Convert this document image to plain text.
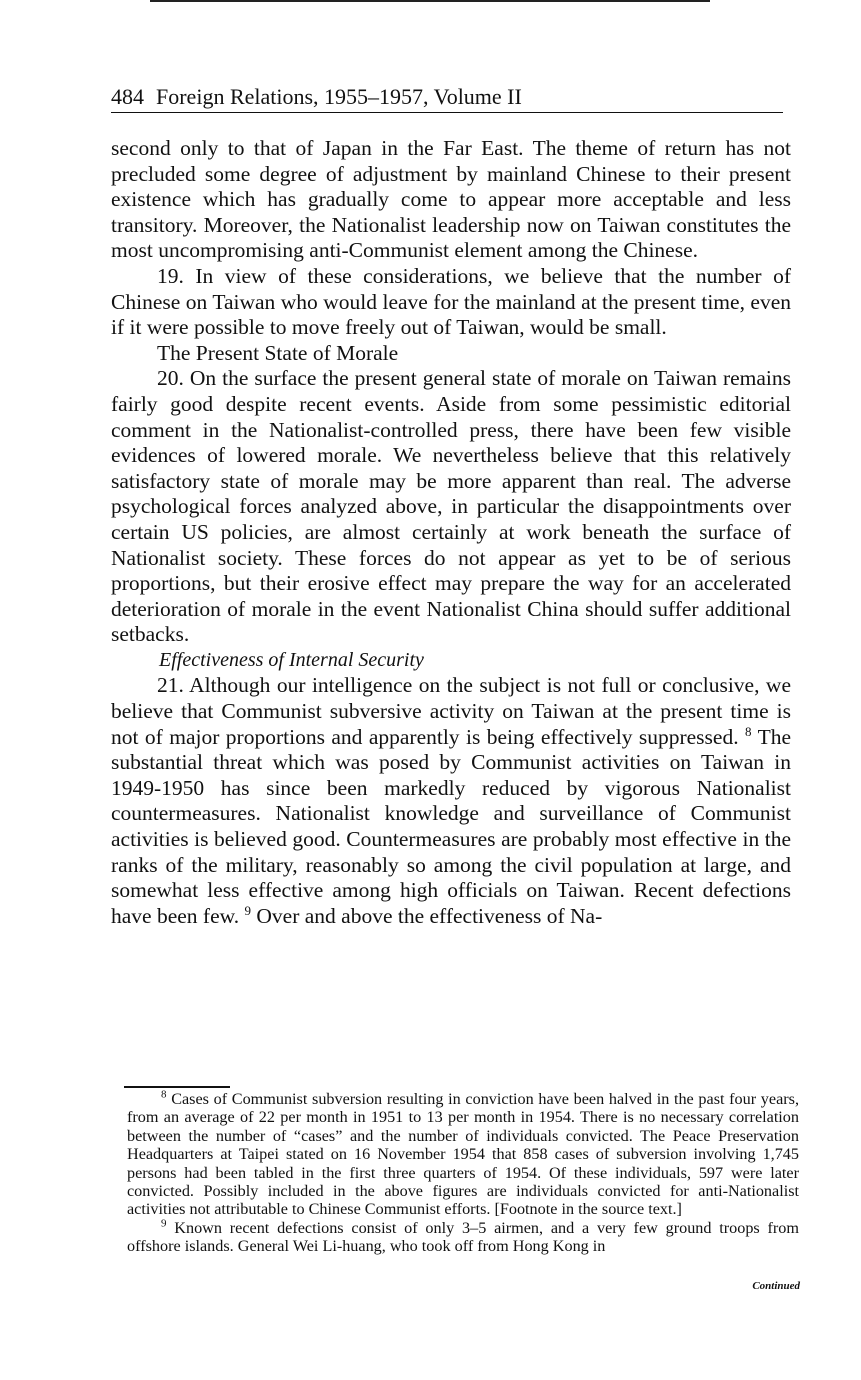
484 Foreign Relations, 1955–1957, Volume II

second only to that of Japan in the Far East. The theme of return has not precluded some degree of adjustment by mainland Chinese to their present existence which has gradually come to appear more acceptable and less transitory. Moreover, the Nationalist leadership now on Taiwan constitutes the most uncompromising anti-Communist element among the Chinese.

19. In view of these considerations, we believe that the number of Chinese on Taiwan who would leave for the mainland at the present time, even if it were possible to move freely out of Taiwan, would be small.

The Present State of Morale

20. On the surface the present general state of morale on Taiwan remains fairly good despite recent events. Aside from some pessimistic editorial comment in the Nationalist-controlled press, there have been few visible evidences of lowered morale. We nevertheless believe that this relatively satisfactory state of morale may be more apparent than real. The adverse psychological forces analyzed above, in particular the disappointments over certain US policies, are almost certainly at work beneath the surface of Nationalist society. These forces do not appear as yet to be of serious proportions, but their erosive effect may prepare the way for an accelerated deterioration of morale in the event Nationalist China should suffer additional setbacks.

Effectiveness of Internal Security

21. Although our intelligence on the subject is not full or conclusive, we believe that Communist subversive activity on Taiwan at the present time is not of major proportions and apparently is being effectively suppressed. $^8$ The substantial threat which was posed by Communist activities on Taiwan in 1949-1950 has since been markedly reduced by vigorous Nationalist countermeasures. Nationalist knowledge and surveillance of Communist activities is believed good. Countermeasures are probably most effective in the ranks of the military, reasonably so among the civil population at large, and somewhat less effective among high officials on Taiwan. Recent defections have been few. $^9$ Over and above the effectiveness of Na-

$^8$ Cases of Communist subversion resulting in conviction have been halved in the past four years, from an average of 22 per month in 1951 to 13 per month in 1954. There is no necessary correlation between the number of “cases” and the number of individuals convicted. The Peace Preservation Headquarters at Taipei stated on 16 November 1954 that 858 cases of subversion involving 1,745 persons had been tabled in the first three quarters of 1954. Of these individuals, 597 were later convicted. Possibly included in the above figures are individuals convicted for anti-Nationalist activities not attributable to Chinese Communist efforts. [Footnote in the source text.]

$^9$ Known recent defections consist of only 3–5 airmen, and a very few ground troops from offshore islands. General Wei Li-huang, who took off from Hong Kong in

Continued
